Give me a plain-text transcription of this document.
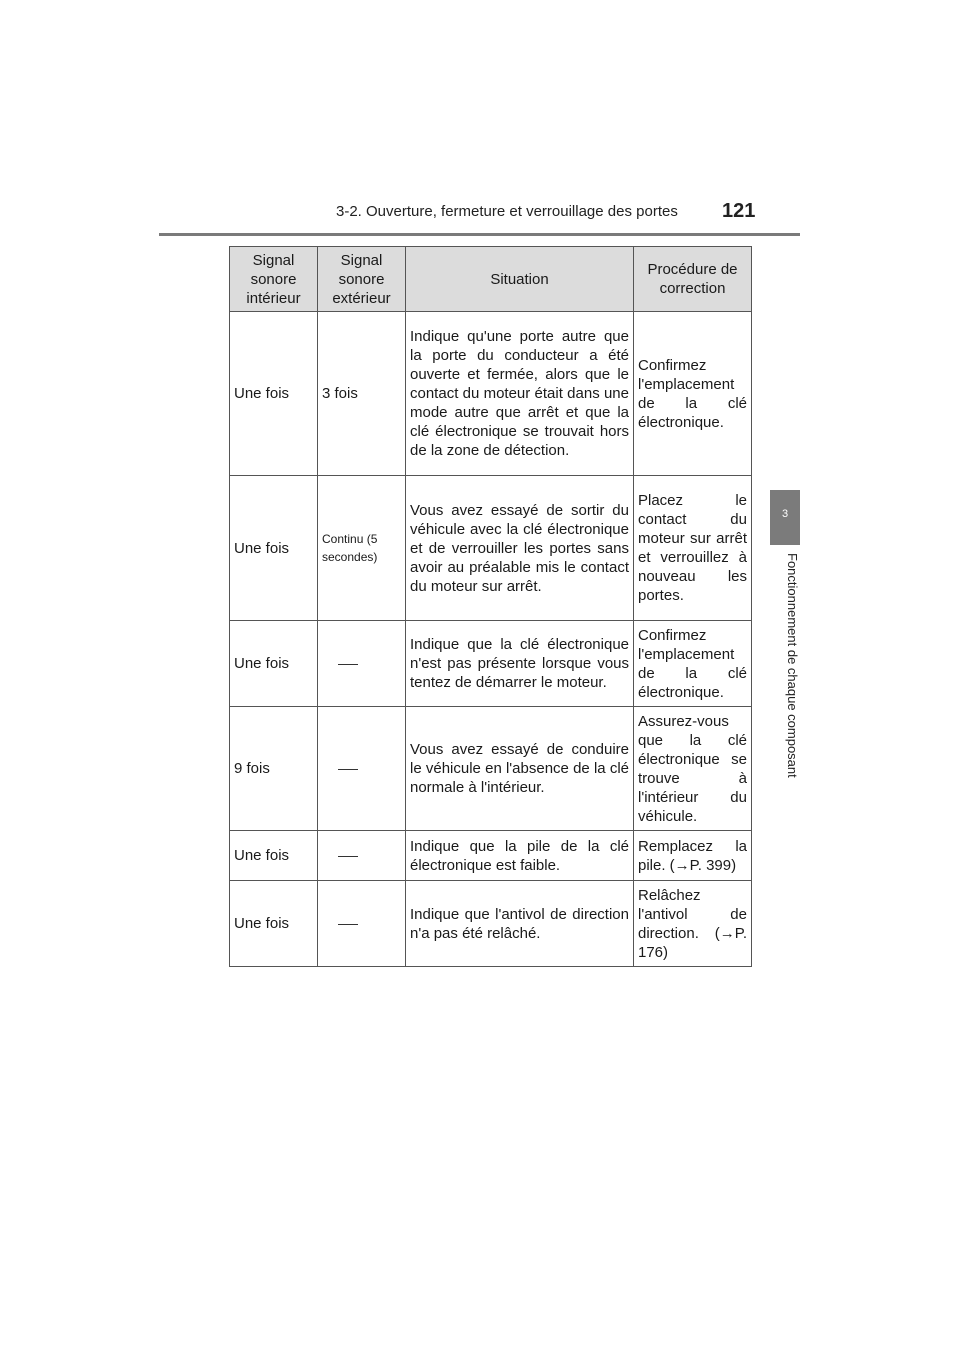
3-2. Ouverture, fermeture et verrouillage des portes 121
3
Fonctionnement de chaque composant
Signal sonore intérieur	Signal sonore extérieur	Situation	Procédure de correction
Une fois	3 fois	Indique qu'une porte autre que la porte du conducteur a été ouverte et fermée, alors que le contact du moteur était dans une mode autre que arrêt et que la clé électronique se trouvait hors de la zone de détection.	Confirmez l'emplacement de la clé électronique.
Une fois	Continu (5 secondes)	Vous avez essayé de sortir du véhicule avec la clé électronique et de verrouiller les portes sans avoir au préalable mis le contact du moteur sur arrêt.	Placez le contact du moteur sur arrêt et verrouillez à nouveau les portes.
Une fois		Indique que la clé électronique n'est pas présente lorsque vous tentez de démarrer le moteur.	Confirmez l'emplacement de la clé électronique.
9 fois		Vous avez essayé de conduire le véhicule en l'absence de la clé normale à l'intérieur.	Assurez-vous que la clé électronique se trouve à l'intérieur du véhicule.
Une fois		Indique que la pile de la clé électronique est faible.	Remplacez la pile. (→P. 399)
Une fois		Indique que l'antivol de direction n'a pas été relâché.	Relâchez l'antivol de direction. (→P. 176)
